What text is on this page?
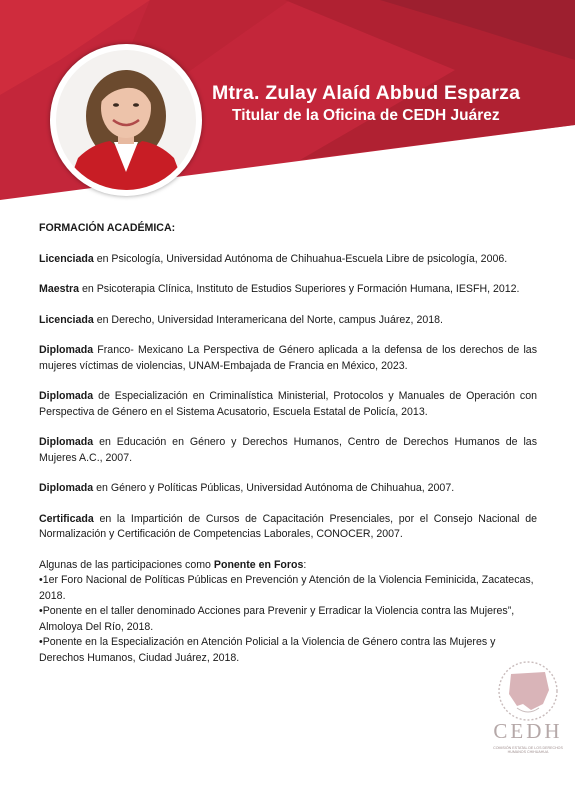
Mtra. Zulay Alaíd Abbud Esparza
Titular de la Oficina de CEDH Juárez

FORMACIÓN ACADÉMICA:

Licenciada en Psicología, Universidad Autónoma de Chihuahua-Escuela Libre de psicología, 2006.

Maestra en Psicoterapia Clínica, Instituto de Estudios Superiores y Formación Humana, IESFH, 2012.

Licenciada en Derecho, Universidad Interamericana del Norte, campus Juárez, 2018.

Diplomada Franco- Mexicano La Perspectiva de Género aplicada a la defensa de los derechos de las mujeres víctimas de violencias, UNAM-Embajada de Francia en México, 2023.

Diplomada de Especialización en Criminalística Ministerial, Protocolos y Manuales de Operación con Perspectiva de Género en el Sistema Acusatorio, Escuela Estatal de Policía, 2013.

Diplomada en Educación en Género y Derechos Humanos, Centro de Derechos Humanos de las Mujeres A.C., 2007.

Diplomada en Género y Políticas Públicas, Universidad Autónoma de Chihuahua, 2007.

Certificada en la Impartición de Cursos de Capacitación Presenciales, por el Consejo Nacional de Normalización y Certificación de Competencias Laborales, CONOCER, 2007.

Algunas de las participaciones como Ponente en Foros:

•1er Foro Nacional de Políticas Públicas en Prevención y Atención de la Violencia Feminicida, Zacatecas, 2018.

•Ponente en el taller denominado Acciones para Prevenir y Erradicar la Violencia contra las Mujeres”, Almoloya Del Río, 2018.

•Ponente en la Especialización en Atención Policial a la Violencia de Género contra las Mujeres y Derechos Humanos, Ciudad Juárez, 2018.

CEDH
COMISIÓN ESTATAL DE LOS DERECHOS HUMANOS CHIHUAHUA
